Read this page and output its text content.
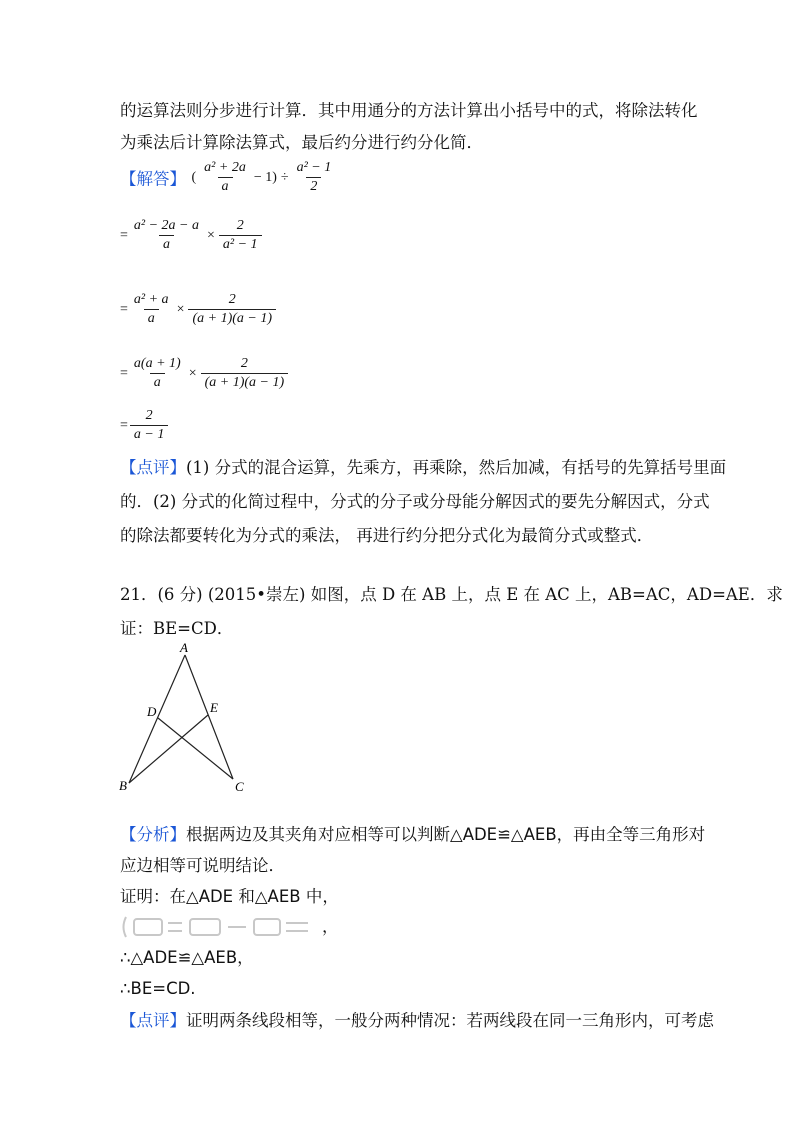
的运算法则分步进行计算．其中用通分的方法计算出小括号中的式，将除法转化
为乘法后计算除法算式，最后约分进行约分化简．
【解答】 ( $\frac{\text{a² + 2a}}{a} - 1) \div \frac{\text{a² − 1}}{2}$
= $\frac{\text{a² − 2a − a}}{a} \times \frac{2}{\text{a² − 1}}$
= $\frac{\text{a² + a}}{a} \times \frac{2}{(a + 1)(a - 1)}$
= $\frac{a(a + 1)}{a} \times \frac{2}{(a + 1)(a - 1)}$
= $\frac{2}{a - 1}$
【点评】(1) 分式的混合运算，先乘方，再乘除，然后加减，有括号的先算括号里面
的．(2) 分式的化简过程中，分式的分子或分母能分解因式的要先分解因式，分式
的除法都要转化为分式的乘法， 再进行约分把分式化为最简分式或整式．
21．(6 分) (2015•崇左) 如图，点 D 在 AB 上，点 E 在 AC 上，AB=AC，AD=AE．求
证：BE=CD．
A
D	E
B	C
【分析】根据两边及其夹角对应相等可以判断△ADE≌△AEB，再由全等三角形对
应边相等可说明结论．
证明：在△ADE 和△AEB 中，
，
∴△ADE≌△AEB，
∴BE=CD.
【点评】证明两条线段相等，一般分两种情况：若两线段在同一三角形内，可考虑
